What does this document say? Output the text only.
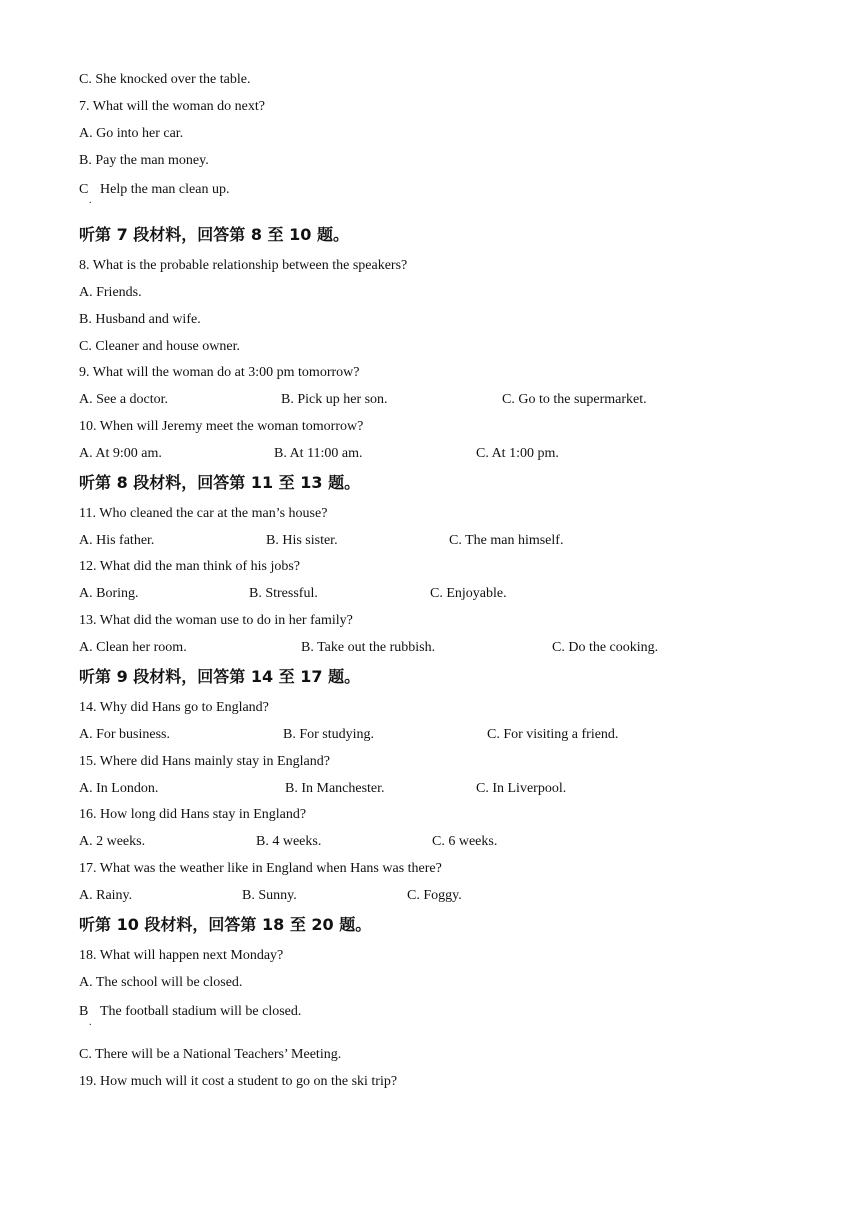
C. She knocked over the table.
7. What will the woman do next?
A. Go into her car.
B. Pay the man money.
C Help the man clean up.
.
听第 7 段材料，回答第 8 至 10 题。
8. What is the probable relationship between the speakers?
A. Friends.
B. Husband and wife.
C. Cleaner and house owner.
9. What will the woman do at 3:00 pm tomorrow?
A. See a doctor.	B. Pick up her son.	C. Go to the supermarket.
10. When will Jeremy meet the woman tomorrow?
A. At 9:00 am.	B. At 11:00 am.	C. At 1:00 pm.
听第 8 段材料，回答第 11 至 13 题。
11. Who cleaned the car at the man’s house?
A. His father.	B. His sister.	C. The man himself.
12. What did the man think of his jobs?
A. Boring.	B. Stressful.	C. Enjoyable.
13. What did the woman use to do in her family?
A. Clean her room.	B. Take out the rubbish.	C. Do the cooking.
听第 9 段材料，回答第 14 至 17 题。
14. Why did Hans go to England?
A. For business.	B. For studying.	C. For visiting a friend.
15. Where did Hans mainly stay in England?
A. In London.	B. In Manchester.	C. In Liverpool.
16. How long did Hans stay in England?
A. 2 weeks.	B. 4 weeks.	C. 6 weeks.
17. What was the weather like in England when Hans was there?
A. Rainy.	B. Sunny.	C. Foggy.
听第 10 段材料，回答第 18 至 20 题。
18. What will happen next Monday?
A. The school will be closed.
B The football stadium will be closed.
.
C. There will be a National Teachers’ Meeting.
19. How much will it cost a student to go on the ski trip?
